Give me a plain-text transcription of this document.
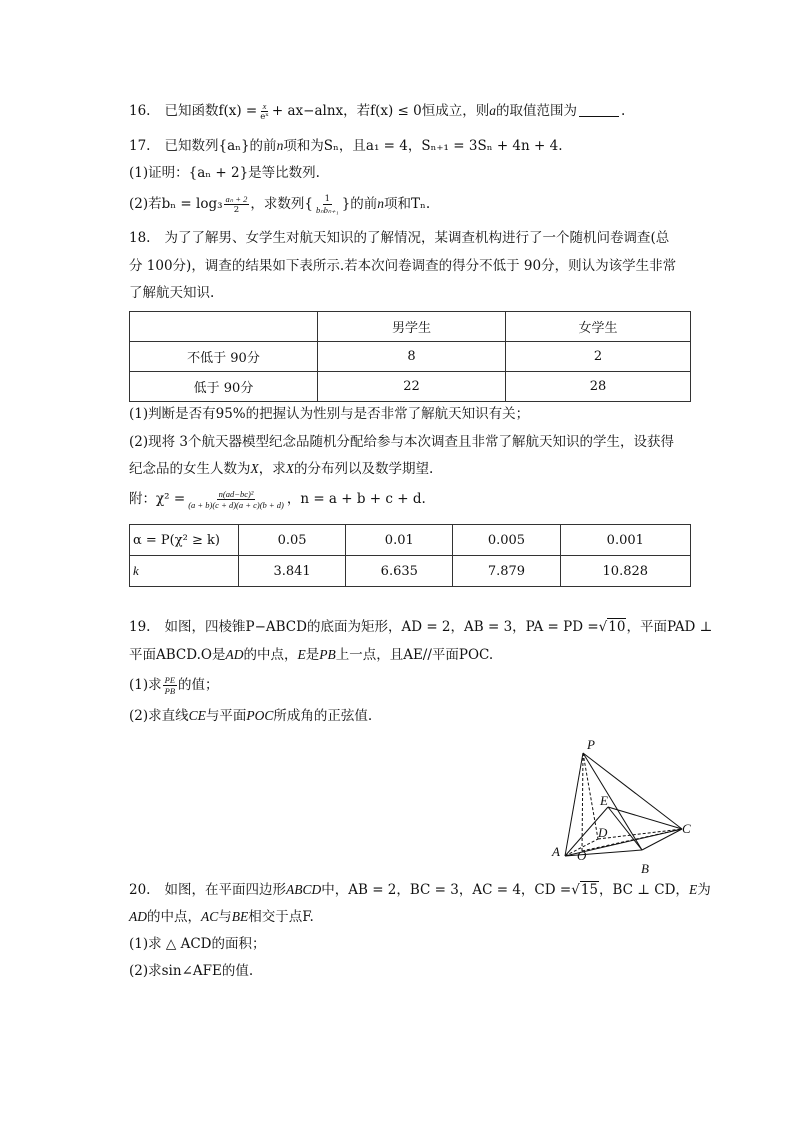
16. 已知函数$f(x) = \frac{x}{\text{eˣ}} + ax-alnx$，若f(x) ≤ 0恒成立，则a的取值范围为	.
17. 已知数列{aₙ}的前n项和为Sₙ，且a₁ = 4，Sₙ₊₁ = 3Sₙ + 4n + 4.
(1)证明：{aₙ + 2}是等比数列.
(2)若$b_n = \log_3 \frac{\text{aₙ + 2}}{2}$ ，求数列{ $\frac{1}{\text{bₙbₙ₊₁}}$ }的前n项和Tₙ.
18. 为了了解男、女学生对航天知识的了解情况，某调查机构进行了一个随机问卷调查(总
分 100分)，调查的结果如下表所示.若本次问卷调查的得分不低于 90分，则认为该学生非常
了解航天知识.
	男学生	女学生
不低于 90分	8	2
低于 90分	22	28
(1)判断是否有95%的把握认为性别与是否非常了解航天知识有关；
(2)现将 3个航天器模型纪念品随机分配给参与本次调查且非常了解航天知识的学生，设获得
纪念品的女生人数为X，求X的分布列以及数学期望.
附：$\chi^2 = \frac{\text{n(ad−bc)²}}{(a + b)(c + d)(a + c)(b + d)}$ ，n = a + b + c + d.
α = P(χ² ≥ k)	0.05	0.01	0.005	0.001
k	3.841	6.635	7.879	10.828
19. 如图，四棱锥P−ABCD的底面为矩形，AD = 2，AB = 3，PA = PD =√10，平面PAD ⊥
平面ABCD.O是AD的中点，E是PB上一点，且AE//平面POC.
(1)求 $\frac{PE}{PB}$ 的值；
(2)求直线CE与平面POC所成角的正弦值.
P
E
C
D
A O
B
20. 如图，在平面四边形ABCD中，AB = 2，BC = 3，AC = 4，CD =√15，BC ⊥ CD，E为
AD的中点，AC与BE相交于点F.
(1)求 △ ACD的面积；
(2)求sin∠AFE的值.
